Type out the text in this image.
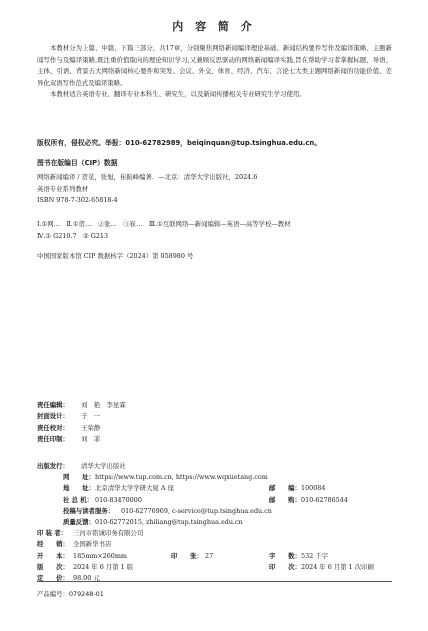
内 容 简 介

本教材分为上篇、中篇、下篇三部分，共17章，分别聚焦网络新闻编译理论基础、新闻结构要件写作及编译策略、主题新闻写作与及编译策略,既注重价值取向的理论知识学习,又兼顾反思驱动的网络新闻编译实践,旨在帮助学习者掌握标题、导语、主体、引语、背景五大网络新闻核心要件和突发、会议、外交、体育、经济、汽车、言论七大类主题网络新闻的功能价值、差异化双语写作范式及编译策略。

本教材适合英语专业、翻译专业本科生、研究生，以及新闻传播相关专业研究生学习使用。

版权所有，侵权必究。举报：010-62782989，beiqinquan@tup.tsinghua.edu.cn。
图书在版编目（CIP）数据
网络新闻编译 / 贺苋，张旭，崔振峰编著．—北京：清华大学出版社，2024.6
英语专业系列教材
ISBN 978-7-302-65818-4
Ⅰ.①网…　Ⅱ.①贺…　②张…　③崔…　Ⅲ.①互联网络—新闻编辑—英语—高等学校—教材
Ⅳ.① G210.7　② G213
中国国家版本馆 CIP 数据核字（2024）第 058980 号
责任编辑： 刘　艳　李星霖
封面设计： 子　一
责任校对： 王荣静
责任印制： 刘　菲
出版发行： 清华大学出版社
网　　址： https://www.tup.com.cn, https://www.wqxuetang.com
地　　址： 北京清华大学学研大厦 A 座	邮　　编： 100084
社 总 机： 010-83470000	邮　　购： 010-62786544
投稿与读者服务： 010-62776969, c-service@tup.tsinghua.edu.cn
质量反馈： 010-62772015, zhiliang@tup.tsinghua.edu.cn
印 装 者： 三河市铭诚印务有限公司
经　　销： 全国新华书店
开　　本： 185mm×260mm	印　　张： 27	字　　数： 532 千字
版　　次： 2024 年 6 月第 1 版	印　　次： 2024 年 6 月第 1 次印刷
定　　价： 98.00 元
产品编号：079248-01
